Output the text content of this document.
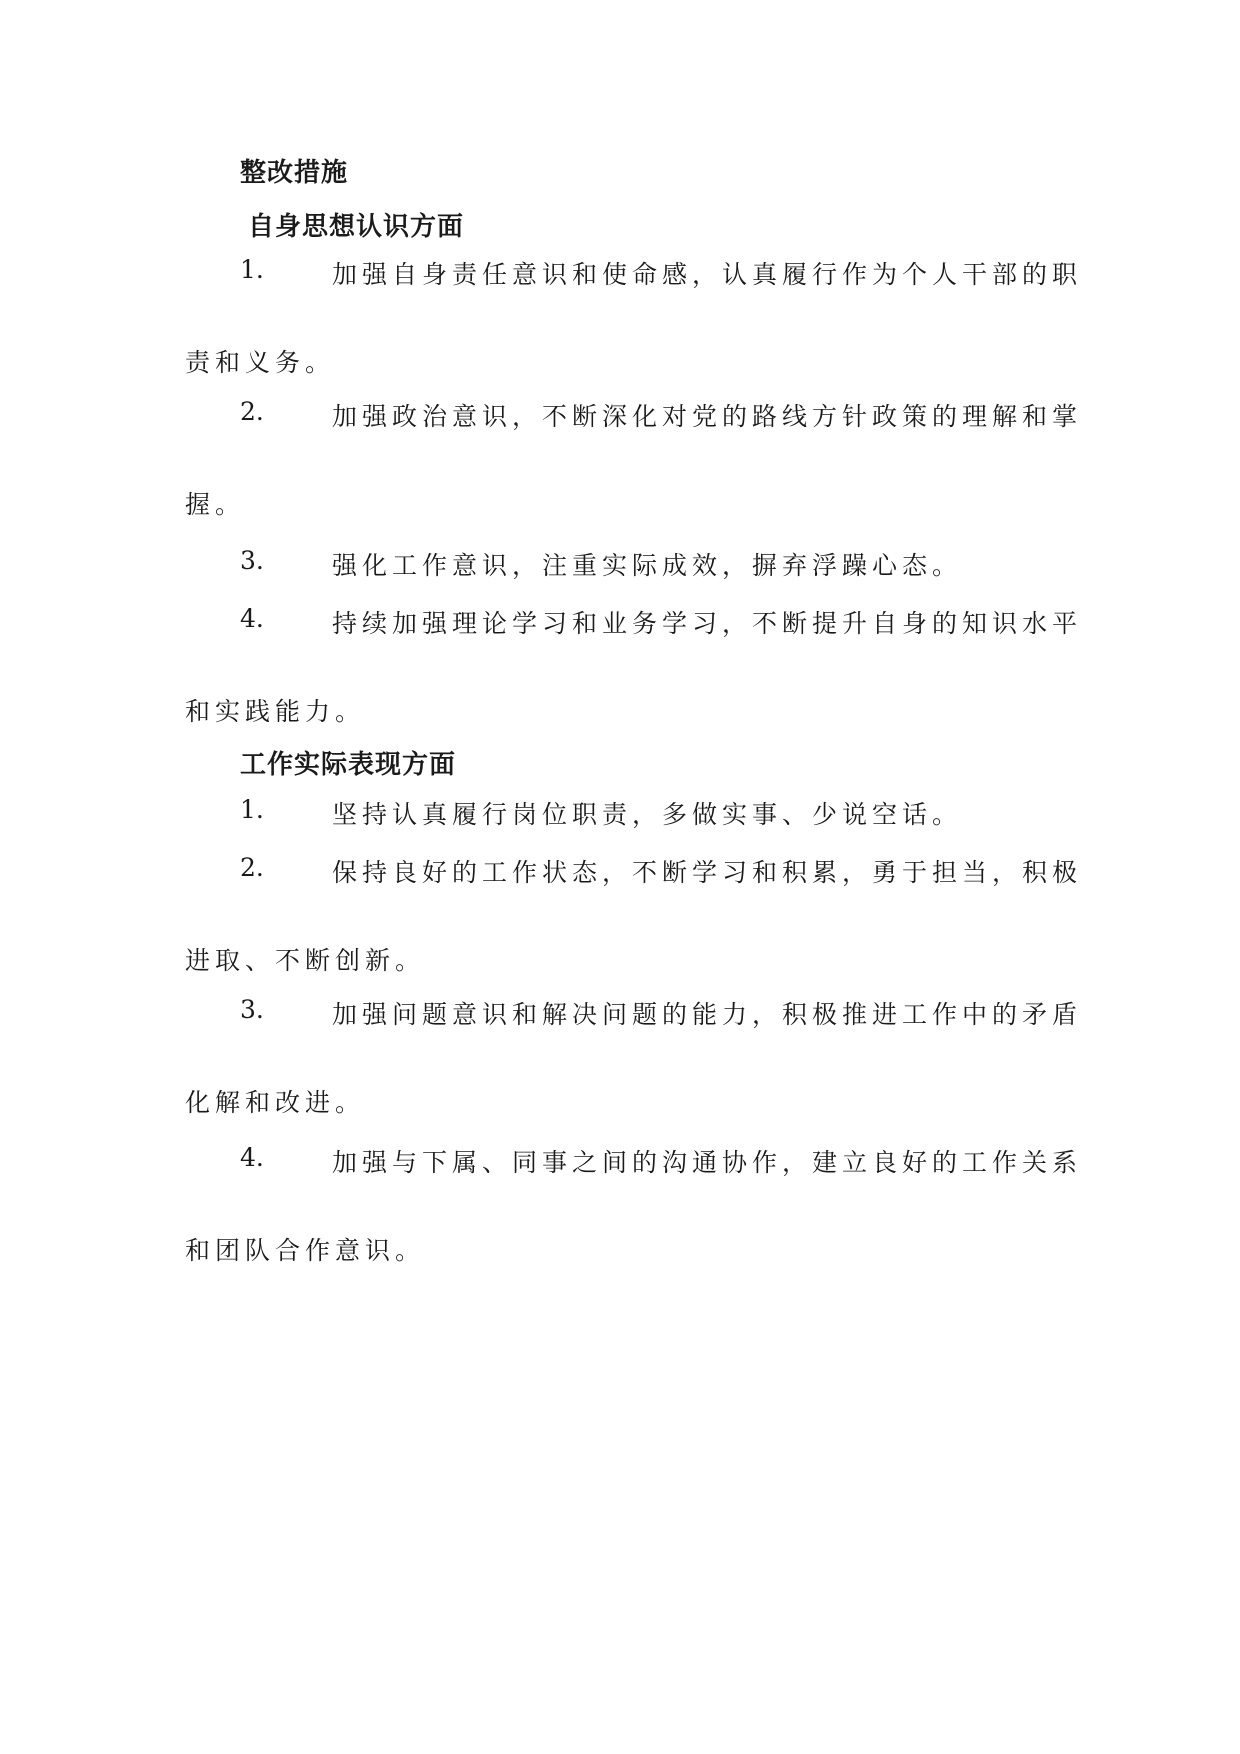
整改措施
自身思想认识方面
1.	加强自身责任意识和使命感，认真履行作为个人干部的职
责和义务。
2.	加强政治意识，不断深化对党的路线方针政策的理解和掌
握。
3.	强化工作意识，注重实际成效，摒弃浮躁心态。
4.	持续加强理论学习和业务学习，不断提升自身的知识水平
和实践能力。
工作实际表现方面
1.	坚持认真履行岗位职责，多做实事、少说空话。
2.	保持良好的工作状态，不断学习和积累，勇于担当，积极
进取、不断创新。
3.	加强问题意识和解决问题的能力，积极推进工作中的矛盾
化解和改进。
4.	加强与下属、同事之间的沟通协作，建立良好的工作关系
和团队合作意识。
